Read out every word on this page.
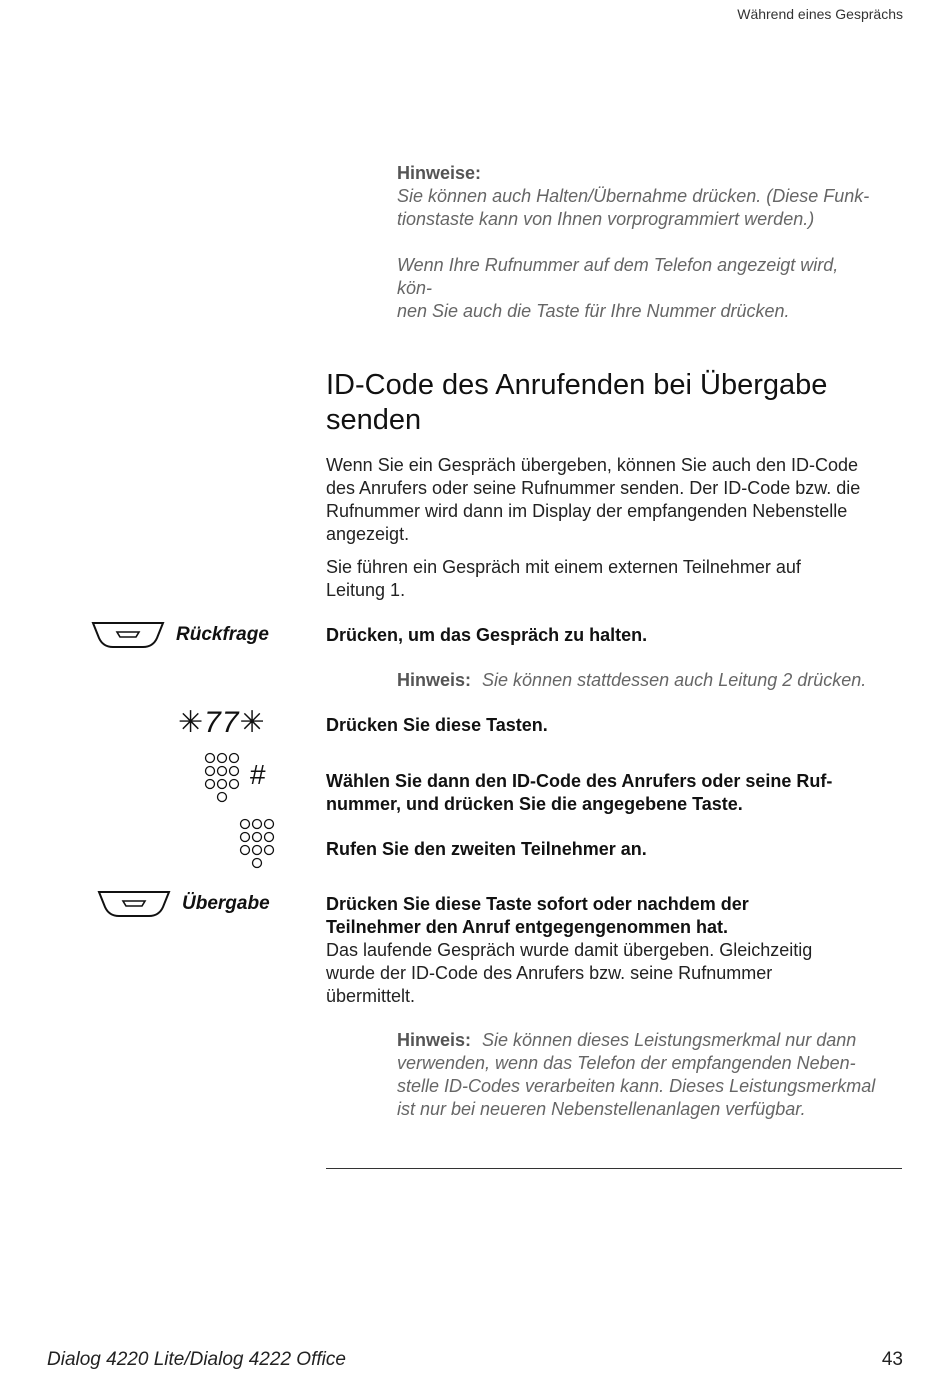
Während eines Gesprächs
Hinweise:
Sie können auch Halten/Übernahme drücken. (Diese Funk-
tionstaste kann von Ihnen vorprogrammiert werden.)
Wenn Ihre Rufnummer auf dem Telefon angezeigt wird,
kön-
nen Sie auch die Taste für Ihre Nummer drücken.
ID-Code des Anrufenden bei Übergabe
senden
Wenn Sie ein Gespräch übergeben, können Sie auch den ID-Code
des Anrufers oder seine Rufnummer senden. Der ID-Code bzw. die
Rufnummer wird dann im Display der empfangenden Nebenstelle
angezeigt.
Sie führen ein Gespräch mit einem externen Teilnehmer auf
Leitung 1.
Rückfrage	Drücken, um das Gespräch zu halten.
Hinweis: Sie können stattdessen auch Leitung 2 drücken.
✳77✳	Drücken Sie diese Tasten.
#	Wählen Sie dann den ID-Code des Anrufers oder seine Ruf-
nummer, und drücken Sie die angegebene Taste.
Rufen Sie den zweiten Teilnehmer an.
Übergabe	Drücken Sie diese Taste sofort oder nachdem der
Teilnehmer den Anruf entgegengenommen hat.
Das laufende Gespräch wurde damit übergeben. Gleichzeitig
wurde der ID-Code des Anrufers bzw. seine Rufnummer
übermittelt.
Hinweis: Sie können dieses Leistungsmerkmal nur dann
verwenden, wenn das Telefon der empfangenden Neben-
stelle ID-Codes verarbeiten kann. Dieses Leistungsmerkmal
ist nur bei neueren Nebenstellenanlagen verfügbar.
Dialog 4220 Lite/Dialog 4222 Office	43
